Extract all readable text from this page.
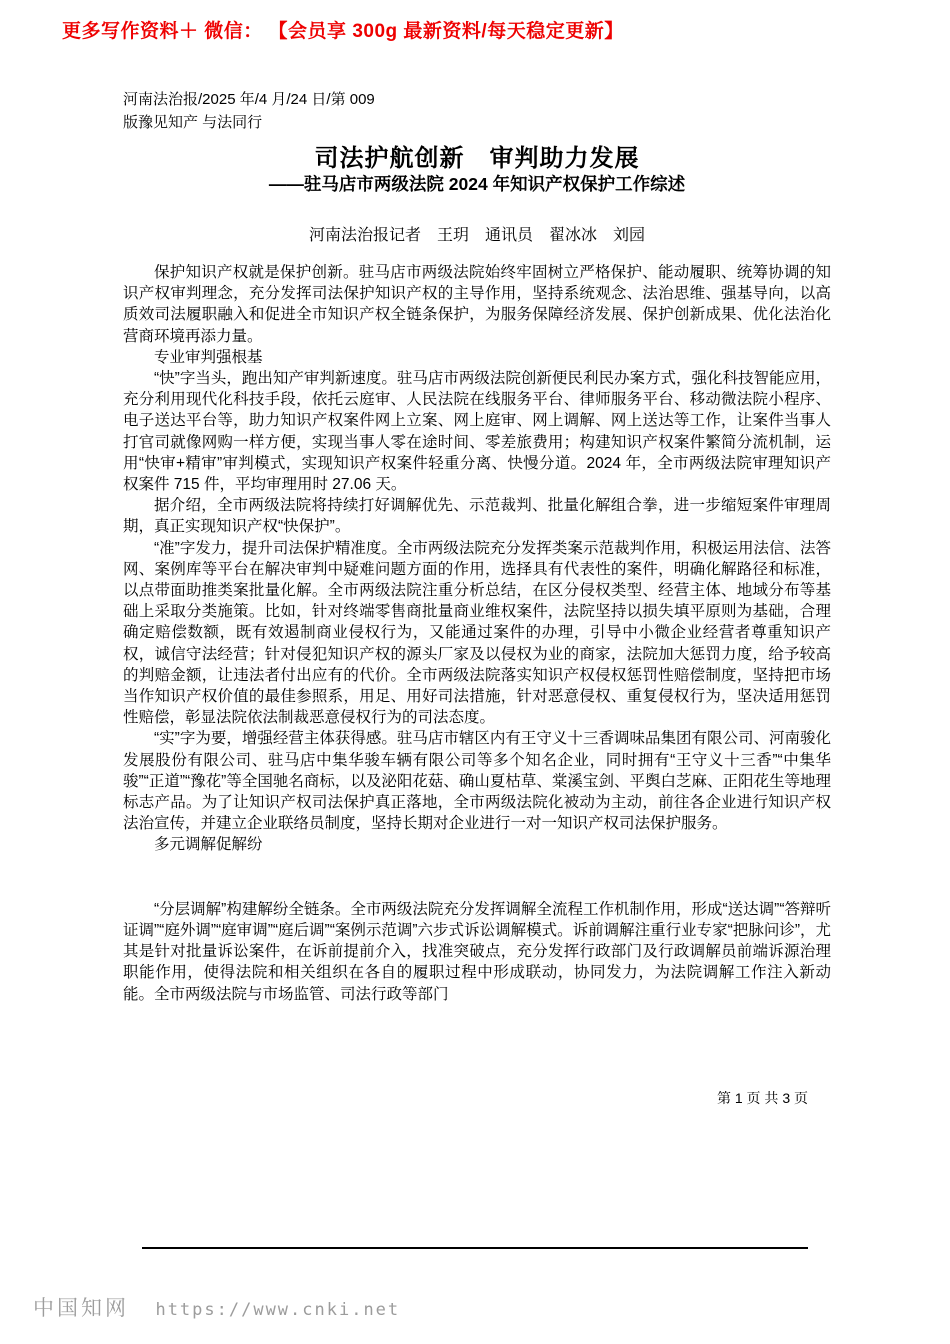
更多写作资料＋ 微信： 【会员享 300g 最新资料/每天稳定更新】
河南法治报/2025 年/4 月/24 日/第 009
版豫见知产 与法同行
司法护航创新　审判助力发展
——驻马店市两级法院 2024 年知识产权保护工作综述
河南法治报记者　王玥　通讯员　翟冰冰　刘园

保护知识产权就是保护创新。驻马店市两级法院始终牢固树立严格保护、能动履职、统筹协调的知识产权审判理念，充分发挥司法保护知识产权的主导作用，坚持系统观念、法治思维、强基导向，以高质效司法履职融入和促进全市知识产权全链条保护，为服务保障经济发展、保护创新成果、优化法治化营商环境再添力量。

专业审判强根基

“快”字当头，跑出知产审判新速度。驻马店市两级法院创新便民利民办案方式，强化科技智能应用，充分利用现代化科技手段，依托云庭审、人民法院在线服务平台、律师服务平台、移动微法院小程序、电子送达平台等，助力知识产权案件网上立案、网上庭审、网上调解、网上送达等工作，让案件当事人打官司就像网购一样方便，实现当事人零在途时间、零差旅费用；构建知识产权案件繁简分流机制，运用“快审+精审”审判模式，实现知识产权案件轻重分离、快慢分道。2024 年，全市两级法院审理知识产权案件 715 件，平均审理用时 27.06 天。

据介绍，全市两级法院将持续打好调解优先、示范裁判、批量化解组合拳，进一步缩短案件审理周期，真正实现知识产权“快保护”。

“准”字发力，提升司法保护精准度。全市两级法院充分发挥类案示范裁判作用，积极运用法信、法答网、案例库等平台在解决审判中疑难问题方面的作用，选择具有代表性的案件，明确化解路径和标准，以点带面助推类案批量化解。全市两级法院注重分析总结，在区分侵权类型、经营主体、地域分布等基础上采取分类施策。比如，针对终端零售商批量商业维权案件，法院坚持以损失填平原则为基础，合理确定赔偿数额，既有效遏制商业侵权行为，又能通过案件的办理，引导中小微企业经营者尊重知识产权，诚信守法经营；针对侵犯知识产权的源头厂家及以侵权为业的商家，法院加大惩罚力度，给予较高的判赔金额，让违法者付出应有的代价。全市两级法院落实知识产权侵权惩罚性赔偿制度，坚持把市场当作知识产权价值的最佳参照系，用足、用好司法措施，针对恶意侵权、重复侵权行为，坚决适用惩罚性赔偿，彰显法院依法制裁恶意侵权行为的司法态度。

“实”字为要，增强经营主体获得感。驻马店市辖区内有王守义十三香调味品集团有限公司、河南骏化发展股份有限公司、驻马店中集华骏车辆有限公司等多个知名企业，同时拥有“王守义十三香”“中集华骏”“正道”“豫花”等全国驰名商标，以及泌阳花菇、确山夏枯草、棠溪宝剑、平舆白芝麻、正阳花生等地理标志产品。为了让知识产权司法保护真正落地，全市两级法院化被动为主动，前往各企业进行知识产权法治宣传，并建立企业联络员制度，坚持长期对企业进行一对一知识产权司法保护服务。

多元调解促解纷

“分层调解”构建解纷全链条。全市两级法院充分发挥调解全流程工作机制作用，形成“送达调”“答辩听证调”“庭外调”“庭审调”“庭后调”“案例示范调”六步式诉讼调解模式。诉前调解注重行业专家“把脉问诊”，尤其是针对批量诉讼案件，在诉前提前介入，找准突破点，充分发挥行政部门及行政调解员前端诉源治理职能作用，使得法院和相关组织在各自的履职过程中形成联动，协同发力，为法院调解工作注入新动能。全市两级法院与市场监管、司法行政等部门

第 1 页 共 3 页
中国知网 https://www.cnki.net
